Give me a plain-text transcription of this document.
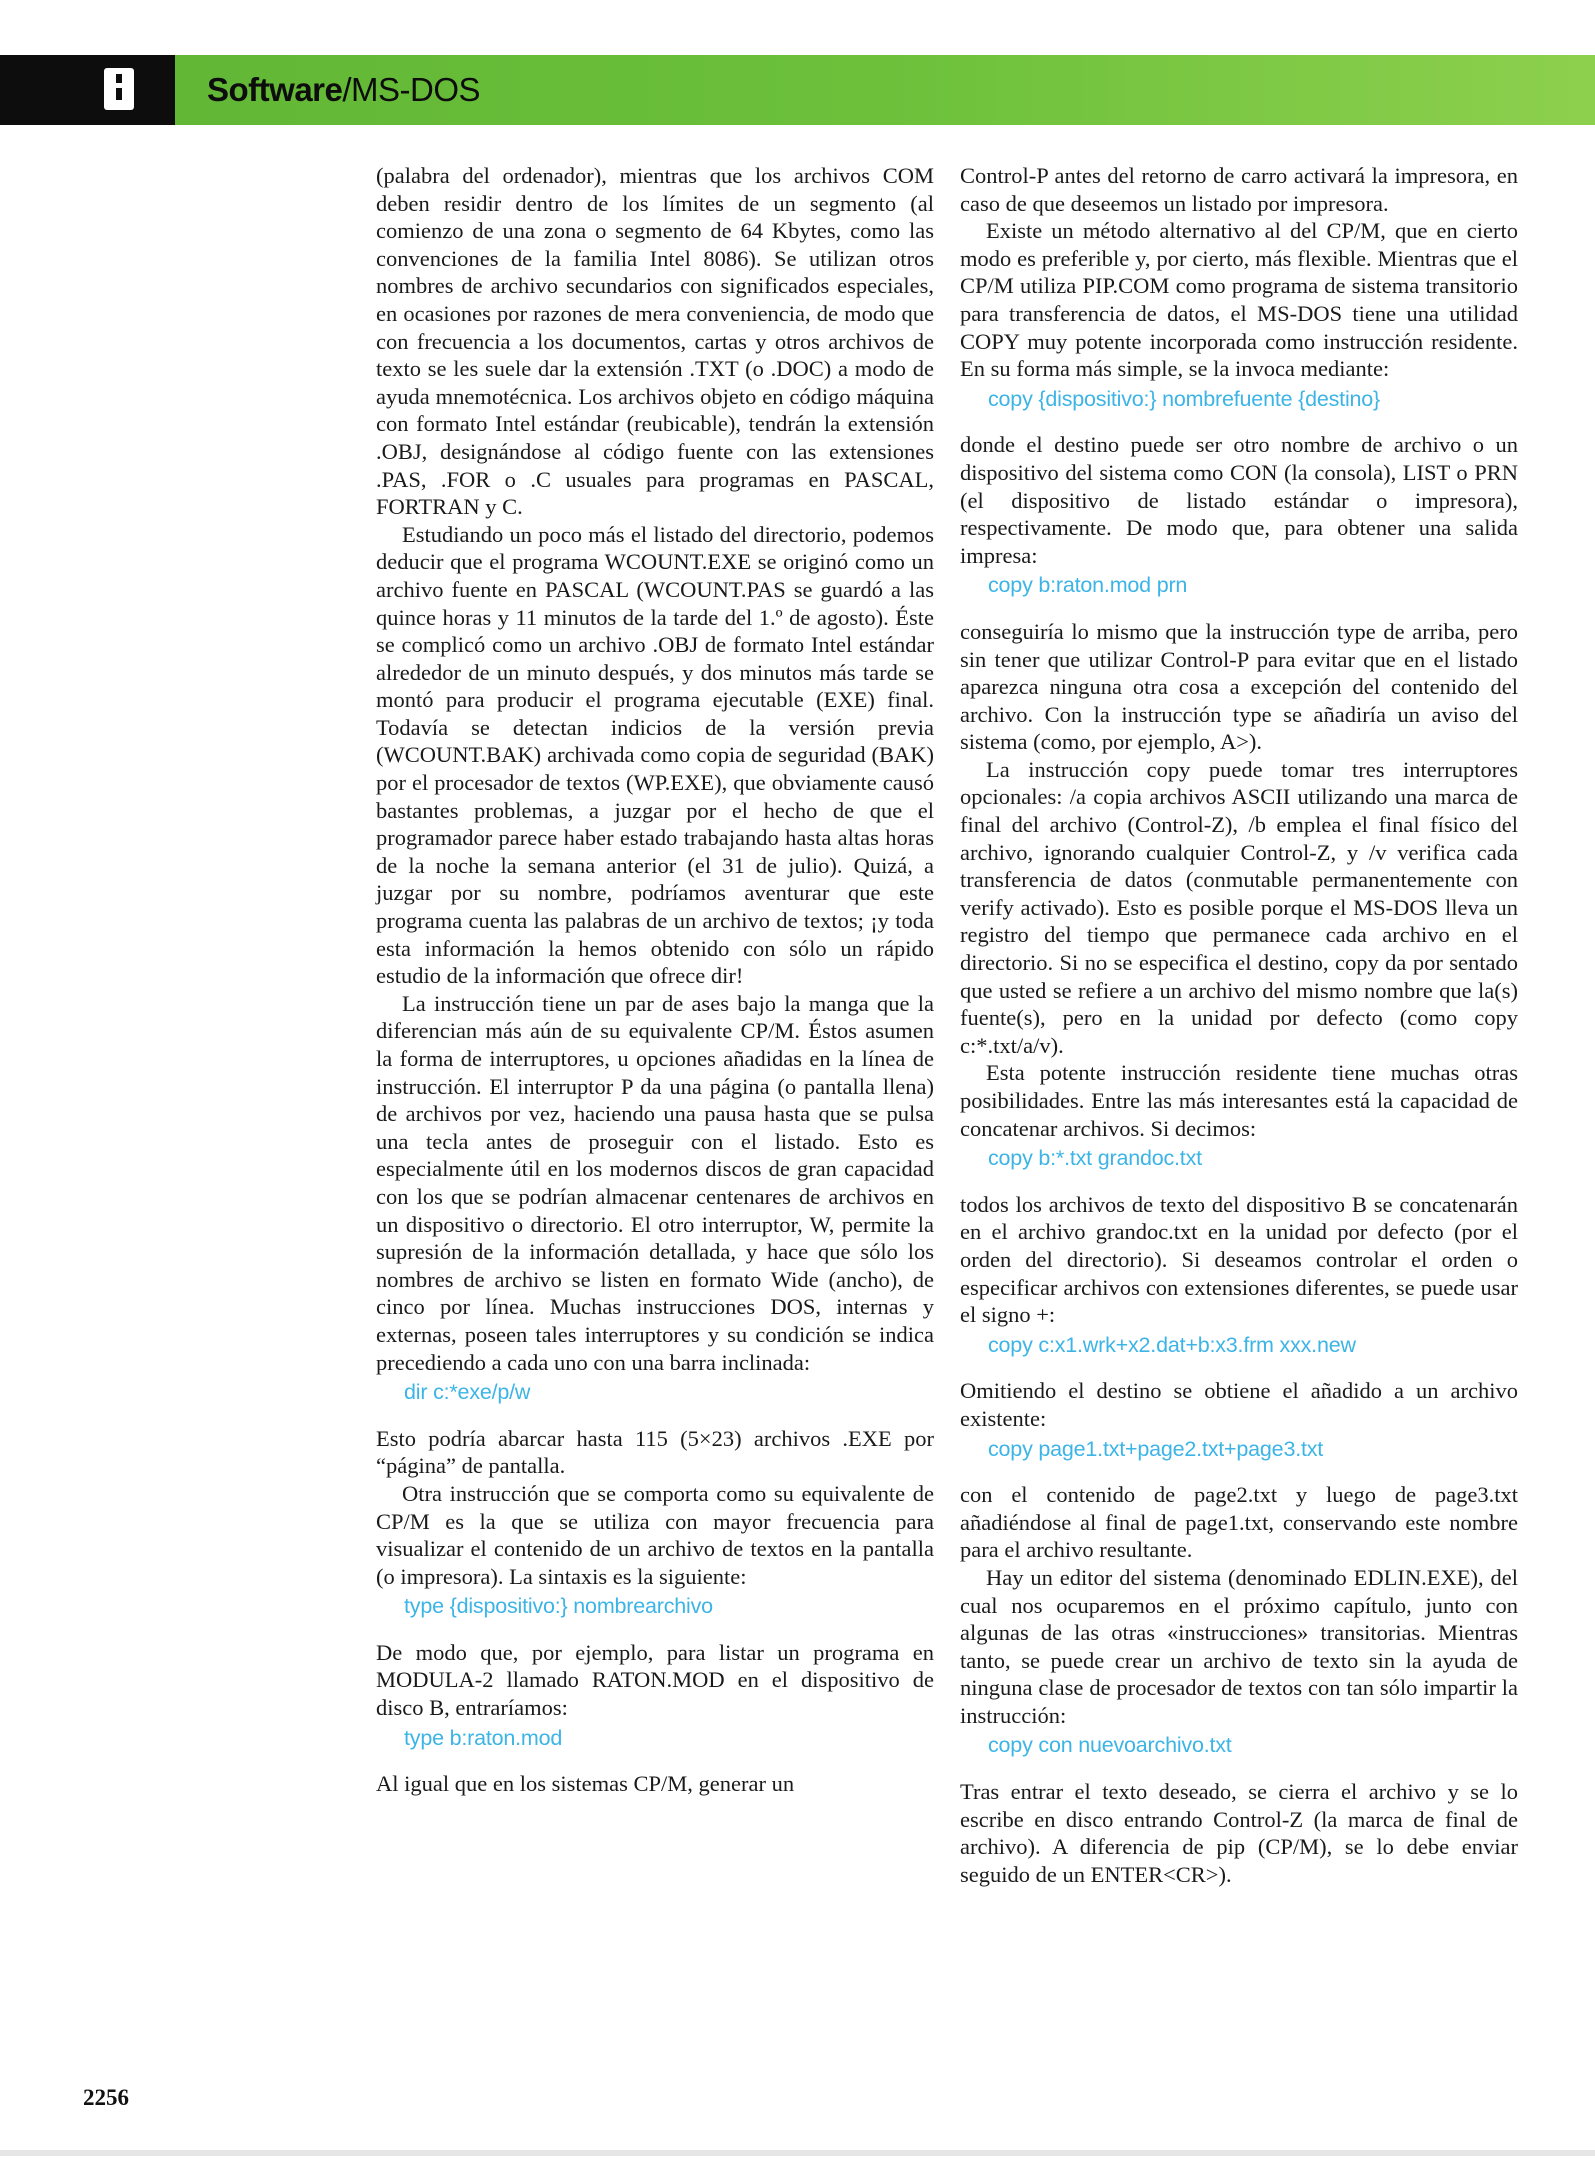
Software/MS-DOS

(palabra del ordenador), mientras que los archivos COM deben residir dentro de los límites de un segmento (al comienzo de una zona o segmento de 64 Kbytes, como las convenciones de la familia Intel 8086). Se utilizan otros nombres de archivo secundarios con significados especiales, en ocasiones por razones de mera conveniencia, de modo que con frecuencia a los documentos, cartas y otros archivos de texto se les suele dar la extensión .TXT (o .DOC) a modo de ayuda mnemotécnica. Los archivos objeto en código máquina con formato Intel estándar (reubicable), tendrán la extensión .OBJ, designándose al código fuente con las extensiones .PAS, .FOR o .C usuales para programas en PASCAL, FORTRAN y C.

Estudiando un poco más el listado del directorio, podemos deducir que el programa WCOUNT.EXE se originó como un archivo fuente en PASCAL (WCOUNT.PAS se guardó a las quince horas y 11 minutos de la tarde del 1.º de agosto). Éste se complicó como un archivo .OBJ de formato Intel estándar alrededor de un minuto después, y dos minutos más tarde se montó para producir el programa ejecutable (EXE) final. Todavía se detectan indicios de la versión previa (WCOUNT.BAK) archivada como copia de seguridad (BAK) por el procesador de textos (WP.EXE), que obviamente causó bastantes problemas, a juzgar por el hecho de que el programador parece haber estado trabajando hasta altas horas de la noche la semana anterior (el 31 de julio). Quizá, a juzgar por su nombre, podríamos aventurar que este programa cuenta las palabras de un archivo de textos; ¡y toda esta información la hemos obtenido con sólo un rápido estudio de la información que ofrece dir!

La instrucción tiene un par de ases bajo la manga que la diferencian más aún de su equivalente CP/M. Éstos asumen la forma de interruptores, u opciones añadidas en la línea de instrucción. El interruptor P da una página (o pantalla llena) de archivos por vez, haciendo una pausa hasta que se pulsa una tecla antes de proseguir con el listado. Esto es especialmente útil en los modernos discos de gran capacidad con los que se podrían almacenar centenares de archivos en un dispositivo o directorio. El otro interruptor, W, permite la supresión de la información detallada, y hace que sólo los nombres de archivo se listen en formato Wide (ancho), de cinco por línea. Muchas instrucciones DOS, internas y externas, poseen tales interruptores y su condición se indica precediendo a cada uno con una barra inclinada:

dir c:*exe/p/w

Esto podría abarcar hasta 115 (5×23) archivos .EXE por “página” de pantalla.

Otra instrucción que se comporta como su equivalente de CP/M es la que se utiliza con mayor frecuencia para visualizar el contenido de un archivo de textos en la pantalla (o impresora). La sintaxis es la siguiente:

type {dispositivo:} nombrearchivo

De modo que, por ejemplo, para listar un programa en MODULA-2 llamado RATON.MOD en el dispositivo de disco B, entraríamos:

type b:raton.mod

Al igual que en los sistemas CP/M, generar un

Control-P antes del retorno de carro activará la impresora, en caso de que deseemos un listado por impresora.

Existe un método alternativo al del CP/M, que en cierto modo es preferible y, por cierto, más flexible. Mientras que el CP/M utiliza PIP.COM como programa de sistema transitorio para transferencia de datos, el MS-DOS tiene una utilidad COPY muy potente incorporada como instrucción residente. En su forma más simple, se la invoca mediante:

copy {dispositivo:} nombrefuente {destino}

donde el destino puede ser otro nombre de archivo o un dispositivo del sistema como CON (la consola), LIST o PRN (el dispositivo de listado estándar o impresora), respectivamente. De modo que, para obtener una salida impresa:

copy b:raton.mod prn

conseguiría lo mismo que la instrucción type de arriba, pero sin tener que utilizar Control-P para evitar que en el listado aparezca ninguna otra cosa a excepción del contenido del archivo. Con la instrucción type se añadiría un aviso del sistema (como, por ejemplo, A>).

La instrucción copy puede tomar tres interruptores opcionales: /a copia archivos ASCII utilizando una marca de final del archivo (Control-Z), /b emplea el final físico del archivo, ignorando cualquier Control-Z, y /v verifica cada transferencia de datos (conmutable permanentemente con verify activado). Esto es posible porque el MS-DOS lleva un registro del tiempo que permanece cada archivo en el directorio. Si no se especifica el destino, copy da por sentado que usted se refiere a un archivo del mismo nombre que la(s) fuente(s), pero en la unidad por defecto (como copy c:*.txt/a/v).

Esta potente instrucción residente tiene muchas otras posibilidades. Entre las más interesantes está la capacidad de concatenar archivos. Si decimos:

copy b:*.txt grandoc.txt

todos los archivos de texto del dispositivo B se concatenarán en el archivo grandoc.txt en la unidad por defecto (por el orden del directorio). Si deseamos controlar el orden o especificar archivos con extensiones diferentes, se puede usar el signo +:

copy c:x1.wrk+x2.dat+b:x3.frm xxx.new

Omitiendo el destino se obtiene el añadido a un archivo existente:

copy page1.txt+page2.txt+page3.txt

con el contenido de page2.txt y luego de page3.txt añadiéndose al final de page1.txt, conservando este nombre para el archivo resultante.

Hay un editor del sistema (denominado EDLIN.EXE), del cual nos ocuparemos en el próximo capítulo, junto con algunas de las otras «instrucciones» transitorias. Mientras tanto, se puede crear un archivo de texto sin la ayuda de ninguna clase de procesador de textos con tan sólo impartir la instrucción:

copy con nuevoarchivo.txt

Tras entrar el texto deseado, se cierra el archivo y se lo escribe en disco entrando Control-Z (la marca de final de archivo). A diferencia de pip (CP/M), se lo debe enviar seguido de un ENTER<CR>).

2256
